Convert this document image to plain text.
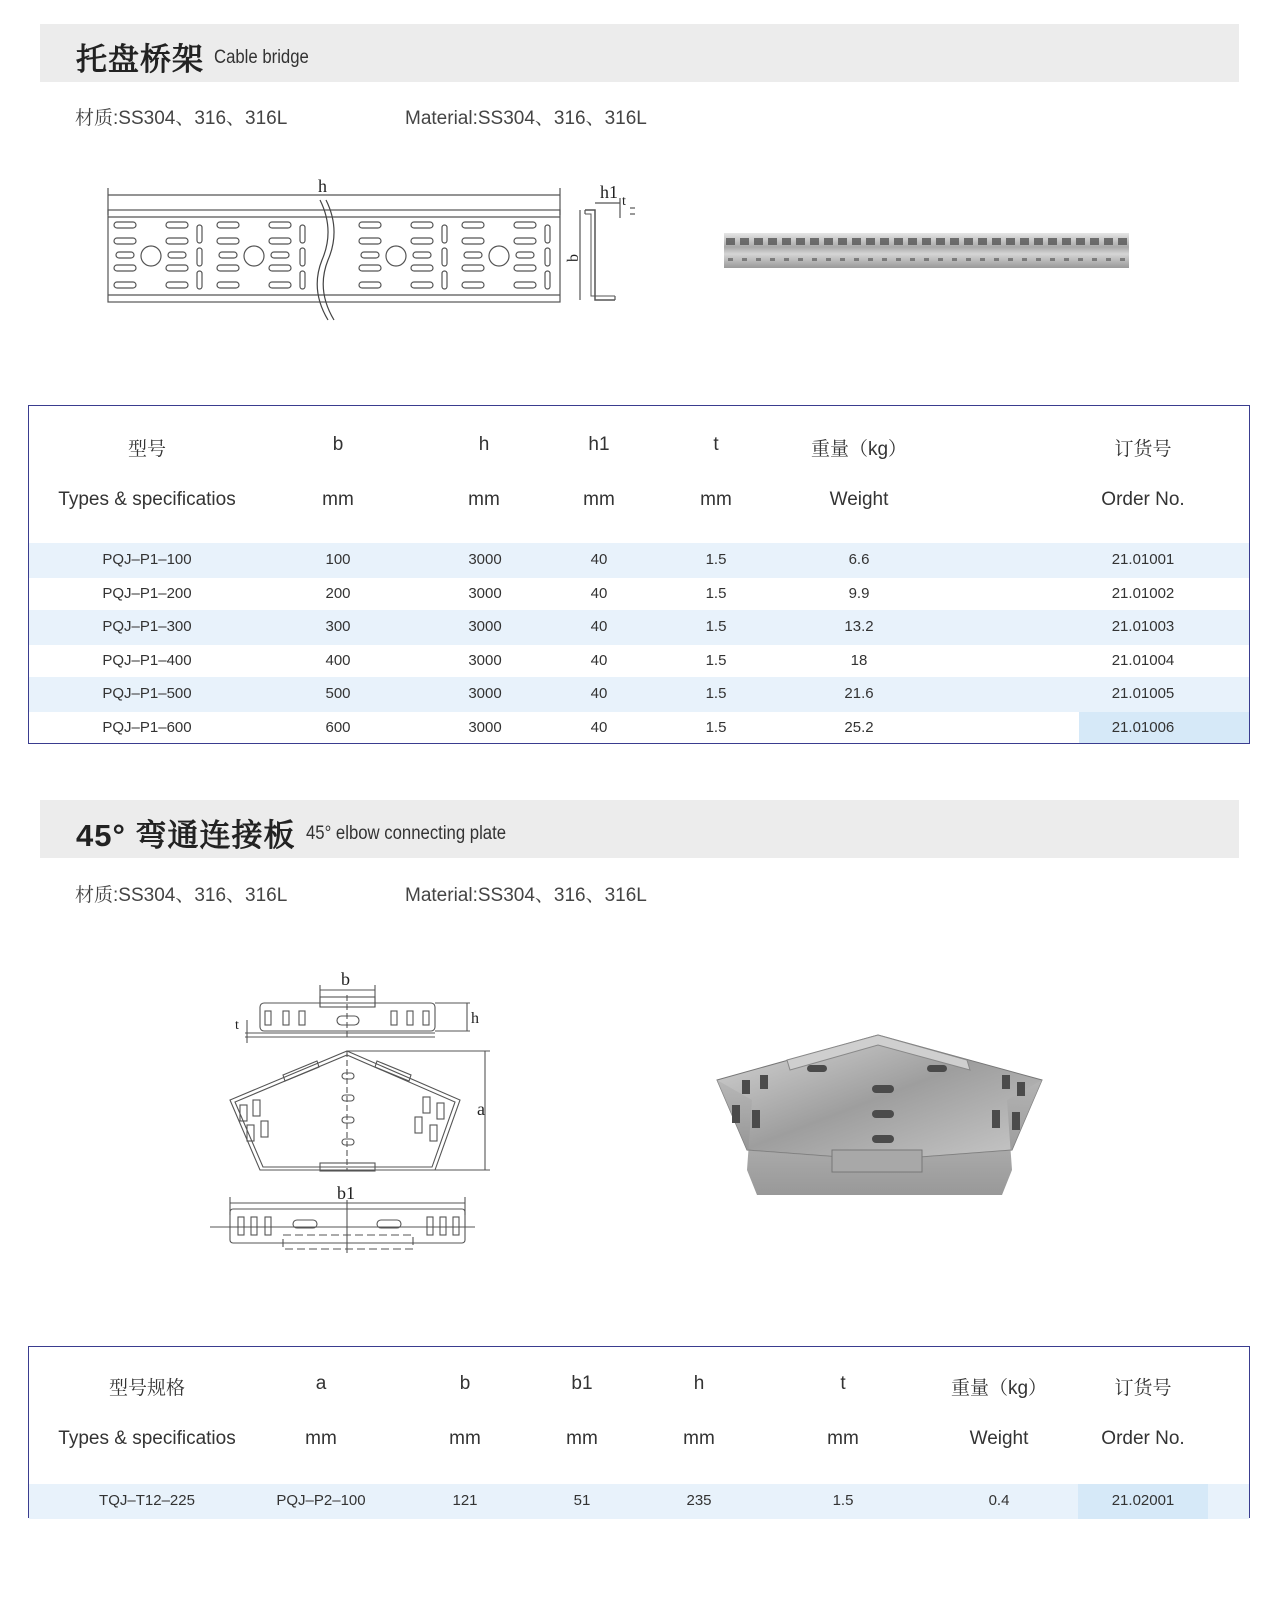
托盘桥架 Cable bridge
材质:SS304、316、316L	Material:SS304、316、316L
h	h1 t
b
型号	b	h	h1	t	重量（kg）	订货号
Types & specificatios	mm	mm	mm	mm	Weight	Order No.
PQJ–P1–100	100	3000	40	1.5	6.6	21.01001
PQJ–P1–200	200	3000	40	1.5	9.9	21.01002
PQJ–P1–300	300	3000	40	1.5	13.2	21.01003
PQJ–P1–400	400	3000	40	1.5	18	21.01004
PQJ–P1–500	500	3000	40	1.5	21.6	21.01005
PQJ–P1–600	600	3000	40	1.5	25.2	21.01006
45° 弯通连接板 45° elbow connecting plate
材质:SS304、316、316L	Material:SS304、316、316L
b
h
t
a
b1
型号规格	a	b	b1	h	t	重量（kg）	订货号
Types & specificatios	mm	mm	mm	mm	mm	Weight	Order No.
TQJ–T12–225	PQJ–P2–100	121	51	235	1.5	0.4	21.02001
